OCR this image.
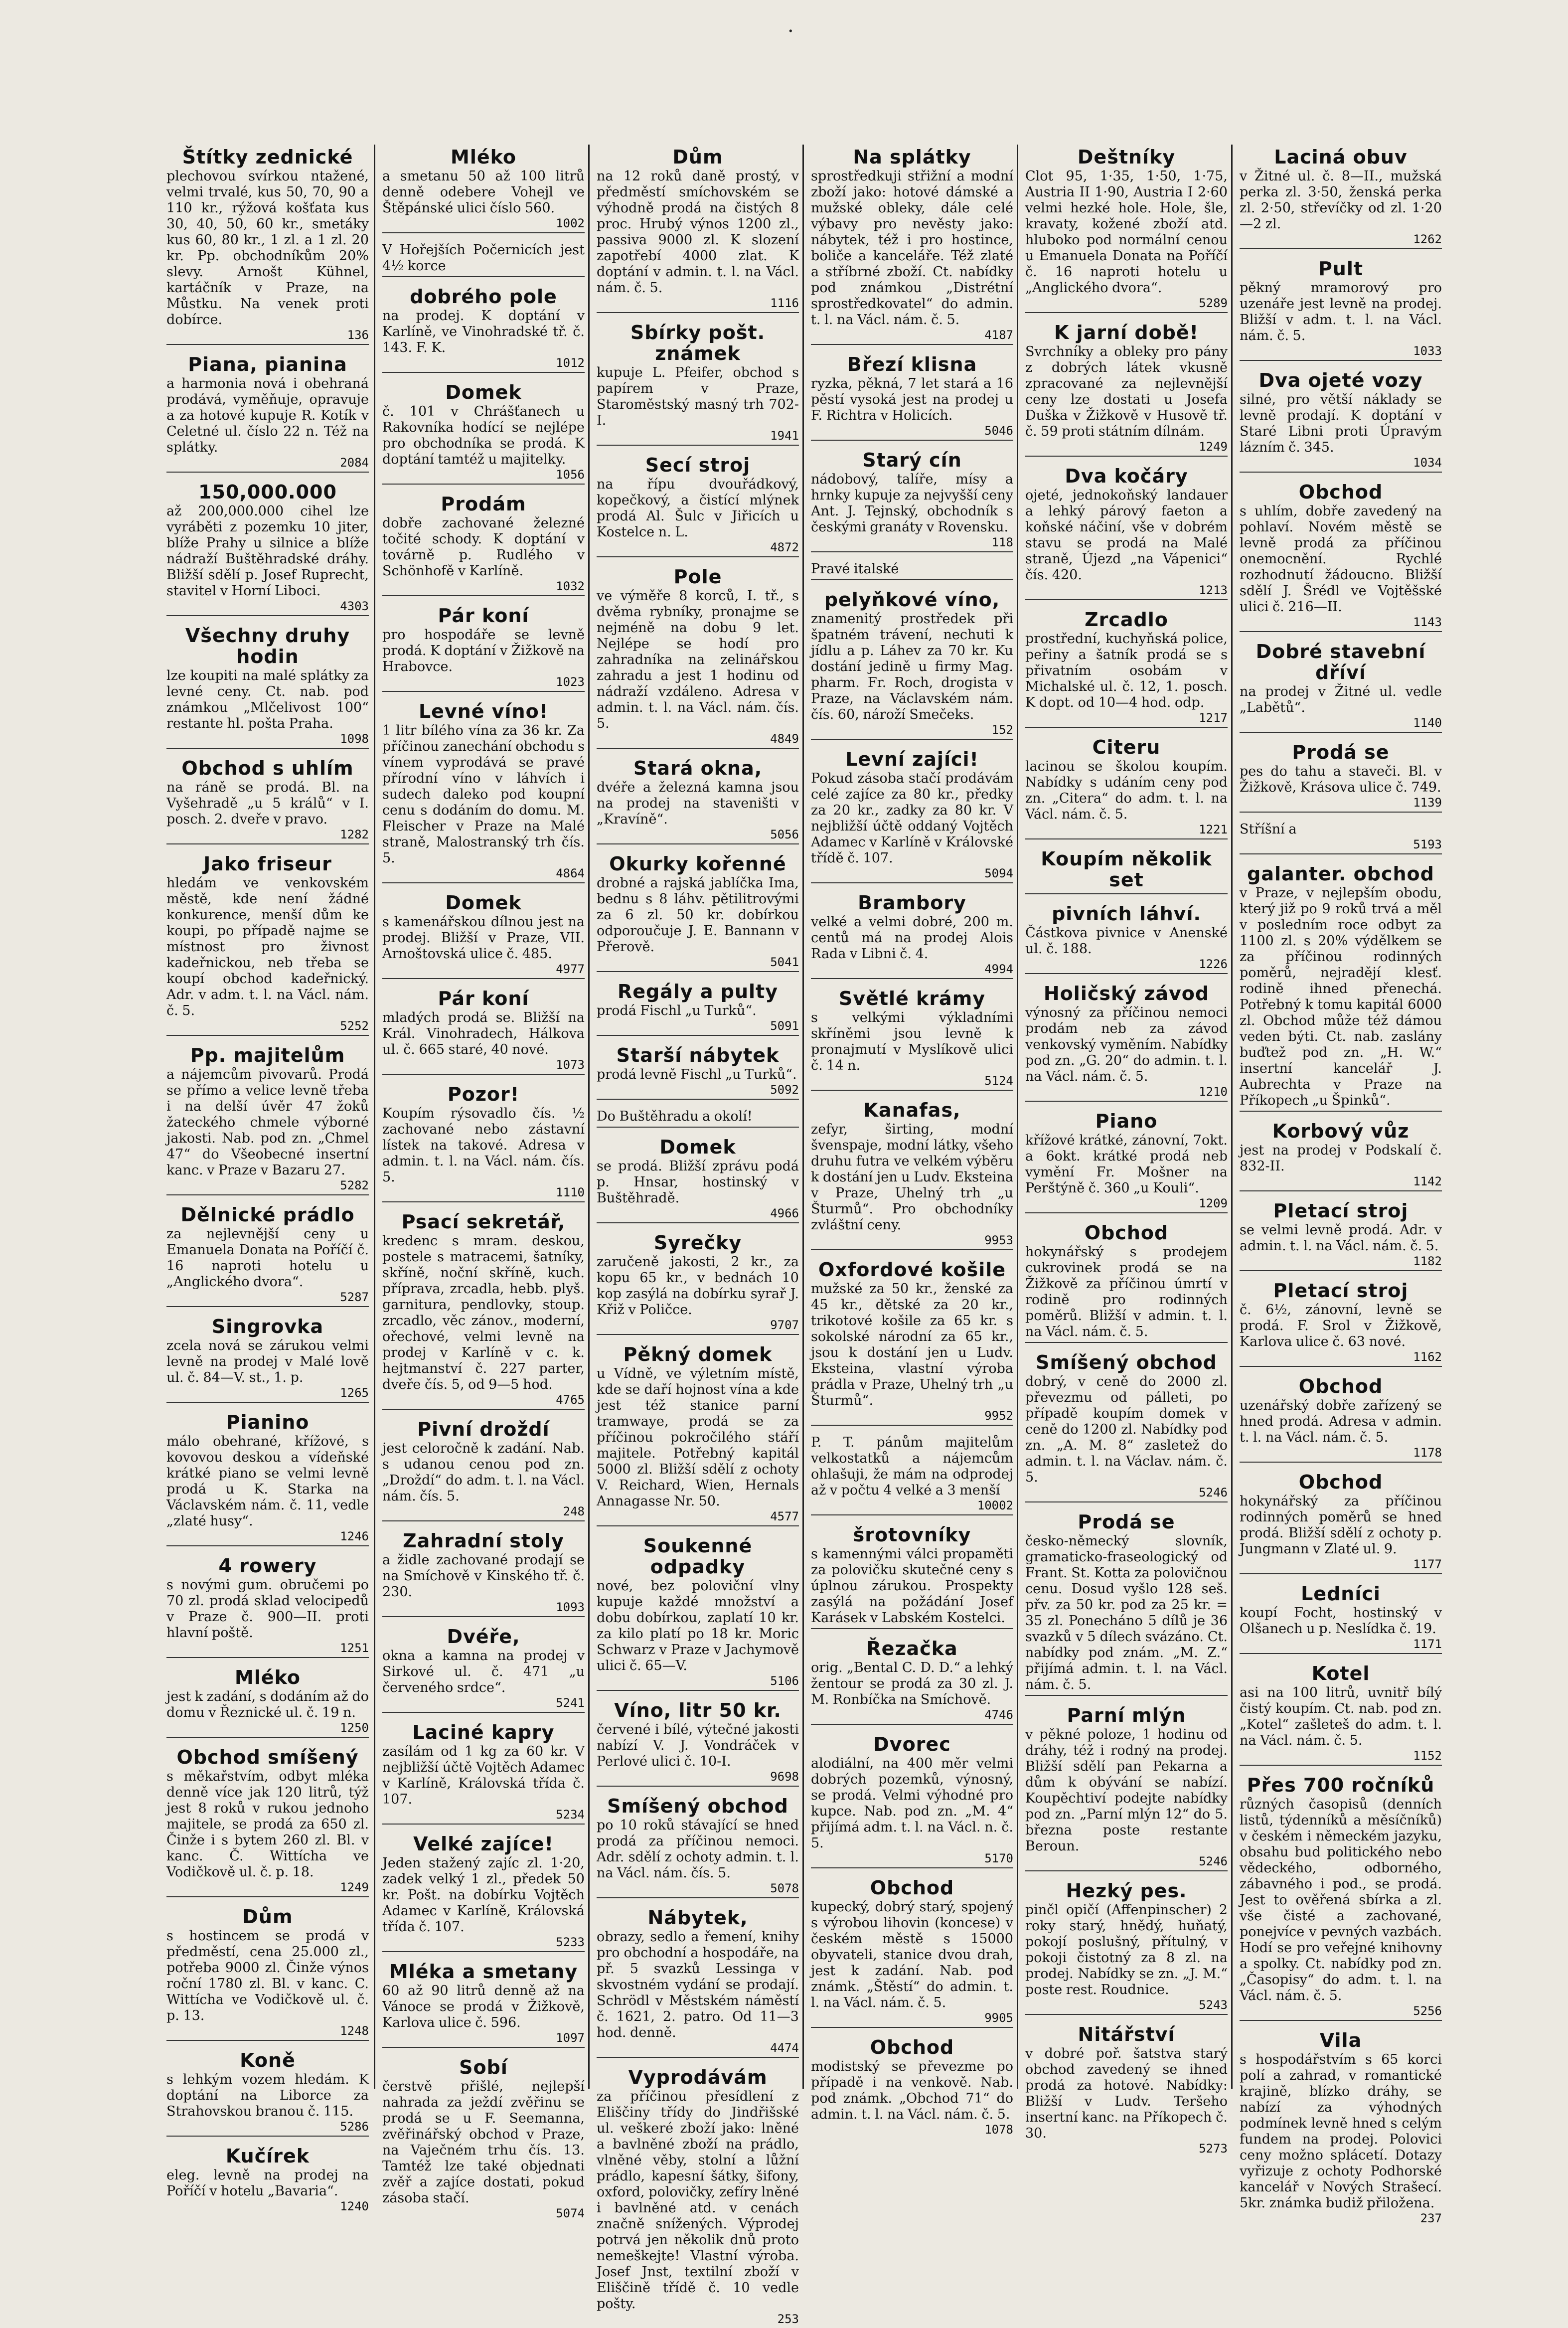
·
Štítky zednické
plechovou svírkou ntažené, velmi trvalé, kus 50, 70, 90 a 110 kr., rýžová košťata kus 30, 40, 50, 60 kr., smetáky kus 60, 80 kr., 1 zl. a 1 zl. 20 kr. Pp. obchodníkům 20% slevy. Arnošt Kühnel, kartáčník v Praze, na Můstku. Na venek proti dobírce.
136
Piana, pianina
a harmonia nová i obehraná prodává, vyměňuje, opravuje a za hotové kupuje R. Kotík v Celetné ul. číslo 22 n. Též na splátky.
2084
150,000.000
až 200,000.000 cihel lze vyráběti z pozemku 10 jiter, blíže Prahy u silnice a blíže nádraží Buštěhradské dráhy. Bližší sdělí p. Josef Ruprecht, stavitel v Horní Liboci.
4303
Všechny druhy hodin
lze koupiti na malé splátky za levné ceny. Ct. nab. pod známkou „Mlčelivost 100“ restante hl. pošta Praha.
1098
Obchod s uhlím
na ráně se prodá. Bl. na Vyšehradě „u 5 králů“ v I. posch. 2. dveře v pravo.
1282
Jako friseur
hledám ve venkovském městě, kde není žádné konkurence, menší dům ke koupi, po případě najme se místnost pro živnost kadeřnickou, neb třeba se koupí obchod kadeřnický. Adr. v adm. t. l. na Václ. nám. č. 5.
5252
Pp. majitelům
a nájemcům pivovarů. Prodá se přímo a velice levně třeba i na delší úvěr 47 žoků žateckého chmele výborné jakosti. Nab. pod zn. „Chmel 47“ do Všeobecné insertní kanc. v Praze v Bazaru 27.
5282
Dělnické prádlo
za nejlevnější ceny u Emanuela Donata na Poříčí č. 16 naproti hotelu u „Anglického dvora“.
5287
Singrovka
zcela nová se zárukou velmi levně na prodej v Malé lově ul. č. 84—V. st., 1. p.
1265
Pianino
málo obehrané, křížové, s kovovou deskou a vídeňské krátké piano se velmi levně prodá u K. Starka na Václavském nám. č. 11, vedle „zlaté husy“.
1246
4 rowery
s novými gum. obručemi po 70 zl. prodá sklad velocipedů v Praze č. 900—II. proti hlavní poště.
1251
Mléko
jest k zadání, s dodáním až do domu v Řeznické ul. č. 19 n.
1250
Obchod smíšený
s měkařstvím, odbyt mléka denně více jak 120 litrů, týž jest 8 roků v rukou jednoho majitele, se prodá za 650 zl. Činže i s bytem 260 zl. Bl. v kanc. Č. Wittícha ve Vodičkově ul. č. p. 18.
1249
Dům
s hostincem se prodá v předměstí, cena 25.000 zl., potřeba 9000 zl. Činže výnos roční 1780 zl. Bl. v kanc. C. Wittícha ve Vodičkově ul. č. p. 13.
1248
Koně
s lehkým vozem hledám. K doptání na Liborce za Strahovskou branou č. 115.
5286
Kučírek
eleg. levně na prodej na Poříčí v hotelu „Bavaria“.
1240
Mléko
a smetanu 50 až 100 litrů denně odebere Vohejl ve Štěpánské ulici číslo 560.
1002
V Hořejších Počernicích jest 4½ korce
dobrého pole
na prodej. K doptání v Karlíně, ve Vinohradské tř. č. 143. F. K.
1012
Domek
č. 101 v Chrášťanech u Rakovníka hodící se nejlépe pro obchodníka se prodá. K doptání tamtéž u majitelky.
1056
Prodám
dobře zachované železné točité schody. K doptání v továrně p. Rudlého v Schönhofě v Karlíně.
1032
Pár koní
pro hospodáře se levně prodá. K doptání v Žižkově na Hrabovce.
1023
Levné víno!
1 litr bílého vína za 36 kr. Za příčinou zanechání obchodu s vínem vyprodává se pravé přírodní víno v láhvích i sudech daleko pod koupní cenu s dodáním do domu. M. Fleischer v Praze na Malé straně, Malostranský trh čís. 5.
4864
Domek
s kamenářskou dílnou jest na prodej. Bližší v Praze, VII. Arnoštovská ulice č. 485.
4977
Pár koní
mladých prodá se. Bližší na Král. Vinohradech, Hálkova ul. č. 665 staré, 40 nové.
1073
Pozor!
Koupím rýsovadlo čís. ½ zachované nebo zástavní lístek na takové. Adresa v admin. t. l. na Václ. nám. čís. 5.
1110
Psací sekretář,
kredenc s mram. deskou, postele s matracemi, šatníky, skříně, noční skříně, kuch. příprava, zrcadla, hebb. plyš. garnitura, pendlovky, stoup. zrcadlo, věc zánov., moderní, ořechové, velmi levně na prodej v Karlíně v c. k. hejtmanství č. 227 parter, dveře čís. 5, od 9—5 hod.
4765
Pivní droždí
jest celoročně k zadání. Nab. s udanou cenou pod zn. „Droždí“ do adm. t. l. na Václ. nám. čís. 5.
248
Zahradní stoly
a židle zachované prodají se na Smíchově v Kinského tř. č. 230.
1093
Dvéře,
okna a kamna na prodej v Sirkové ul. č. 471 „u červeného srdce“.
5241
Laciné kapry
zasílám od 1 kg za 60 kr. V nejbližší účtě Vojtěch Adamec v Karlíně, Královská třída č. 107.
5234
Velké zajíce!
Jeden stažený zajíc zl. 1·20, zadek velký 1 zl., předek 50 kr. Pošt. na dobírku Vojtěch Adamec v Karlíně, Královská třída č. 107.
5233
Mléka a smetany
60 až 90 litrů denně až na Vánoce se prodá v Žižkově, Karlova ulice č. 596.
1097
Sobí
čerstvě přišlé, nejlepší nahrada za ježdí zvěřinu se prodá se u F. Seemanna, zvěřinářský obchod v Praze, na Vaječném trhu čís. 13. Tamtéž lze také objednati zvěř a zajíce dostati, pokud zásoba stačí.
5074
Dům
na 12 roků daně prostý, v předměstí smíchovském se výhodně prodá na čistých 8 proc. Hrubý výnos 1200 zl., passiva 9000 zl. K slození zapotřebí 4000 zlat. K doptání v admin. t. l. na Václ. nám. č. 5.
1116
Sbírky pošt. známek
kupuje L. Pfeifer, obchod s papírem v Praze, Staroměstský masný trh 702-I.
1941
Secí stroj
na řípu dvouřádkový, kopečkový, a čistící mlýnek prodá Al. Šulc v Jiřicích u Kostelce n. L.
4872
Pole
ve výměře 8 korců, I. tř., s dvěma rybníky, pronajme se nejméně na dobu 9 let. Nejlépe se hodí pro zahradníka na zelinářskou zahradu a jest 1 hodinu od nádraží vzdáleno. Adresa v admin. t. l. na Václ. nám. čís. 5.
4849
Stará okna,
dvéře a železná kamna jsou na prodej na staveništi v „Kravíně“.
5056
Okurky kořenné
drobné a rajská jablíčka Ima, bednu s 8 láhv. pětilitrovými za 6 zl. 50 kr. dobírkou odporoučuje J. E. Bannann v Přerově.
5041
Regály a pulty
prodá Fischl „u Turků“.
5091
Starší nábytek
prodá levně Fischl „u Turků“.
5092
Do Buštěhradu a okolí!
Domek
se prodá. Bližší zprávu podá p. Hnsar, hostinský v Buštěhradě.
4966
Syrečky
zaručeně jakosti, 2 kr., za kopu 65 kr., v bednách 10 kop zasýlá na dobírku syrař J. Křiž v Poličce.
9707
Pěkný domek
u Vídně, ve výletním místě, kde se daří hojnost vína a kde jest též stanice parní tramwaye, prodá se za příčinou pokročilého stáří majitele. Potřebný kapitál 5000 zl. Bližší sdělí z ochoty V. Reichard, Wien, Hernals Annagasse Nr. 50.
4577
Soukenné odpadky
nové, bez poloviční vlny kupuje každé množství a dobu dobírkou, zaplatí 10 kr. za kilo platí po 18 kr. Moric Schwarz v Praze v Jachymově ulici č. 65—V.
5106
Víno, litr 50 kr.
červené i bílé, výtečné jakosti nabízí V. J. Vondráček v Perlové ulici č. 10-I.
9698
Smíšený obchod
po 10 roků stávající se hned prodá za příčinou nemoci. Adr. sdělí z ochoty admin. t. l. na Václ. nám. čís. 5.
5078
Nábytek,
obrazy, sedlo a řemení, knihy pro obchodní a hospodáře, na př. 5 svazků Lessinga v skvostném vydání se prodají. Schrödl v Městském náměstí č. 1621, 2. patro. Od 11—3 hod. denně.
4474
Vyprodávám
za příčinou přesídlení z Eliščiny třídy do Jindřišské ul. veškeré zboží jako: lněné a bavlněné zboží na prádlo, vlněné věby, stolní a lůžní prádlo, kapesní šátky, šifony, oxford, polovičky, zefíry lněné i bavlněné atd. v cenách značně snížených. Výprodej potrvá jen několik dnů proto nemeškejte! Vlastní výroba. Josef Jnst, textilní zboží v Eliščině třídě č. 10 vedle pošty.
253
Na splátky
sprostředkuji střižní a modní zboží jako: hotové dámské a mužské obleky, dále celé výbavy pro nevěsty jako: nábytek, též i pro hostince, boliče a kanceláře. Též zlaté a stříbrné zboží. Ct. nabídky pod známkou „Distrétní sprostředkovatel“ do admin. t. l. na Václ. nám. č. 5.
4187
Březí klisna
ryzka, pěkná, 7 let stará a 16 pěstí vysoká jest na prodej u F. Richtra v Holicích.
5046
Starý cín
nádobový, talíře, mísy a hrnky kupuje za nejvyšší ceny Ant. J. Tejnský, obchodník s českými granáty v Rovensku.
118
Pravé italské
pelyňkové víno,
znamenitý prostředek při špatném trávení, nechuti k jídlu a p. Láhev za 70 kr. Ku dostání jedině u firmy Mag. pharm. Fr. Roch, drogista v Praze, na Václavském nám. čís. 60, nároží Smečeks.
152
Levní zajíci!
Pokud zásoba stačí prodávám celé zajíce za 80 kr., předky za 20 kr., zadky za 80 kr. V nejbližší účtě oddaný Vojtěch Adamec v Karlíně v Královské třídě č. 107.
5094
Brambory
velké a velmi dobré, 200 m. centů má na prodej Alois Rada v Libni č. 4.
4994
Světlé krámy
s velkými výkladními skříněmi jsou levně k pronajmutí v Myslíkově ulici č. 14 n.
5124
Kanafas,
zefyr, širting, modní švenspaje, modní látky, všeho druhu futra ve velkém výběru k dostání jen u Ludv. Eksteina v Praze, Uhelný trh „u Šturmů“. Pro obchodníky zvláštní ceny.
9953
Oxfordové košile
mužské za 50 kr., ženské za 45 kr., dětské za 20 kr., trikotové košile za 65 kr. s sokolské národní za 65 kr., jsou k dostání jen u Ludv. Eksteina, vlastní výroba prádla v Praze, Uhelný trh „u Šturmů“.
9952
P. T. pánům majitelům velkostatků a nájemcům ohlašuji, že mám na odprodej až v počtu 4 velké a 3 menší
10002
šrotovníky
s kamennými válci propaměti za polovičku skutečné ceny s úplnou zárukou. Prospekty zasýlá na požádání Josef Karásek v Labském Kostelci.
Řezačka
orig. „Bental C. D. D.“ a lehký žentour se prodá za 30 zl. J. M. Ronbíčka na Smíchově.
4746
Dvorec
alodiální, na 400 měr velmi dobrých pozemků, výnosný, se prodá. Velmi výhodné pro kupce. Nab. pod zn. „M. 4“ přijímá adm. t. l. na Václ. n. č. 5.
5170
Obchod
kupecký, dobrý starý, spojený s výrobou lihovin (koncese) v českém městě s 15000 obyvateli, stanice dvou drah, jest k zadání. Nab. pod známk. „Štěstí“ do admin. t. l. na Václ. nám. č. 5.
9905
Obchod
modistský se převezme po případě i na venkově. Nab. pod známk. „Obchod 71“ do admin. t. l. na Václ. nám. č. 5.
1078
Deštníky
Clot 95, 1·35, 1·50, 1·75, Austria II 1·90, Austria I 2·60 velmi hezké hole. Hole, šle, kravaty, kožené zboží atd. hluboko pod normální cenou u Emanuela Donata na Poříčí č. 16 naproti hotelu u „Anglického dvora“.
5289
K jarní době!
Svrchníky a obleky pro pány z dobrých látek vkusně zpracované za nejlevnější ceny lze dostati u Josefa Duška v Žižkově v Husově tř. č. 59 proti státním dílnám.
1249
Dva kočáry
ojeté, jednokoňský landauer a lehký párový faeton a koňské náčiní, vše v dobrém stavu se prodá na Malé straně, Újezd „na Vápenici“ čís. 420.
1213
Zrcadlo
prostřední, kuchyňská police, peřiny a šatník prodá se s přivatním osobám v Michalské ul. č. 12, 1. posch. K dopt. od 10—4 hod. odp.
1217
Citeru
lacinou se školou koupím. Nabídky s udáním ceny pod zn. „Citera“ do adm. t. l. na Václ. nám. č. 5.
1221
Koupím několik set
pivních láhví.
Částkova pivnice v Anenské ul. č. 188.
1226
Holičský závod
výnosný za příčinou nemoci prodám neb za závod venkovský vyměním. Nabídky pod zn. „G. 20“ do admin. t. l. na Václ. nám. č. 5.
1210
Piano
křížové krátké, zánovní, 7okt. a 6okt. krátké prodá neb vymění Fr. Mošner na Perštýně č. 360 „u Kouli“.
1209
Obchod
hokynářský s prodejem cukrovinek prodá se na Žižkově za příčinou úmrtí v rodině pro rodinných poměrů. Bližší v admin. t. l. na Václ. nám. č. 5.
Smíšený obchod
dobrý, v ceně do 2000 zl. převezmu od pálleti, po případě koupím domek v ceně do 1200 zl. Nabídky pod zn. „A. M. 8“ zasletež do admin. t. l. na Václav. nám. č. 5.
5246
Prodá se
česko-německý slovník, gramaticko-fraseologický od Frant. St. Kotta za polovičnou cenu. Dosud vyšlo 128 seš. přv. za 50 kr. pod za 25 kr. = 35 zl. Ponecháno 5 dílů je 36 svazků v 5 dílech svázáno. Ct. nabídky pod znám. „M. Z.“ přijímá admin. t. l. na Václ. nám. č. 5.
Parní mlýn
v pěkné poloze, 1 hodinu od dráhy, též i rodný na prodej. Bližší sdělí pan Pekarna a dům k obývání se nabízí. Koupěchtiví podejte nabídky pod zn. „Parní mlýn 12“ do 5. března poste restante Beroun.
5246
Hezký pes.
pinčl opičí (Affenpinscher) 2 roky starý, hnědý, huňatý, pokojí poslušný, přítulný, v pokoji čistotný za 8 zl. na prodej. Nabídky se zn. „J. M.“ poste rest. Roudnice.
5243
Nitářství
v dobré poř. šatstva starý obchod zavedený se ihned prodá za hotové. Nabídky: Bližší v Ludv. Teršeho insertní kanc. na Příkopech č. 30.
5273
Laciná obuv
v Žitné ul. č. 8—II., mužská perka zl. 3·50, ženská perka zl. 2·50, střevíčky od zl. 1·20—2 zl.
1262
Pult
pěkný mramorový pro uzenáře jest levně na prodej. Bližší v adm. t. l. na Václ. nám. č. 5.
1033
Dva ojeté vozy
silné, pro větší náklady se levně prodají. K doptání v Staré Libni proti Úpravým lázním č. 345.
1034
Obchod
s uhlím, dobře zavedený na pohlaví. Novém městě se levně prodá za příčinou onemocnění. Rychlé rozhodnutí žádoucno. Bližší sdělí J. Šrédl ve Vojtěšské ulici č. 216—II.
1143
Dobré stavební dříví
na prodej v Žitné ul. vedle „Labětů“.
1140
Prodá se
pes do tahu a staveči. Bl. v Žižkově, Krásova ulice č. 749.
1139
Stříšní a
5193
galanter. obchod
v Praze, v nejlepším obodu, který již po 9 roků trvá a měl v posledním roce odbyt za 1100 zl. s 20% výdělkem se za příčinou rodinných poměrů, nejradějí klesť. rodině ihned přenechá. Potřebný k tomu kapitál 6000 zl. Obchod může též dámou veden býti. Ct. nab. zaslány buďtež pod zn. „H. W.“ insertní kancelář J. Aubrechta v Praze na Příkopech „u Špinků“.
Korbový vůz
jest na prodej v Podskalí č. 832-II.
1142
Pletací stroj
se velmi levně prodá. Adr. v admin. t. l. na Václ. nám. č. 5.
1182
Pletací stroj
č. 6½, zánovní, levně se prodá. F. Srol v Žižkově, Karlova ulice č. 63 nové.
1162
Obchod
uzenářský dobře zařízený se hned prodá. Adresa v admin. t. l. na Václ. nám. č. 5.
1178
Obchod
hokynářský za příčinou rodinných poměrů se hned prodá. Bližší sdělí z ochoty p. Jungmann v Zlaté ul. 9.
1177
Ledníci
koupí Focht, hostinský v Olšanech u p. Neslídka č. 19.
1171
Kotel
asi na 100 litrů, uvnitř bílý čistý koupím. Ct. nab. pod zn. „Kotel“ zašleteš do adm. t. l. na Václ. nám. č. 5.
1152
Přes 700 ročníků
různých časopisů (denních listů, týdenníků a měsíčníků) v českém i německém jazyku, obsahu bud politického nebo vědeckého, odborného, zábavného i pod., se prodá. Jest to ověřená sbírka a zl. vše čisté a zachované, ponejvíce v pevných vazbách. Hodí se pro veřejné knihovny a spolky. Ct. nabídky pod zn. „Časopisy“ do adm. t. l. na Václ. nám. č. 5.
5256
Vila
s hospodářstvím s 65 korci polí a zahrad, v romantické krajině, blízko dráhy, se nabízí za výhodných podmínek levně hned s celým fundem na prodej. Polovici ceny možno splácetí. Dotazy vyřizuje z ochoty Podhorské kancelář v Nových Strašecí. 5kr. známka budiž přiložena.
237
